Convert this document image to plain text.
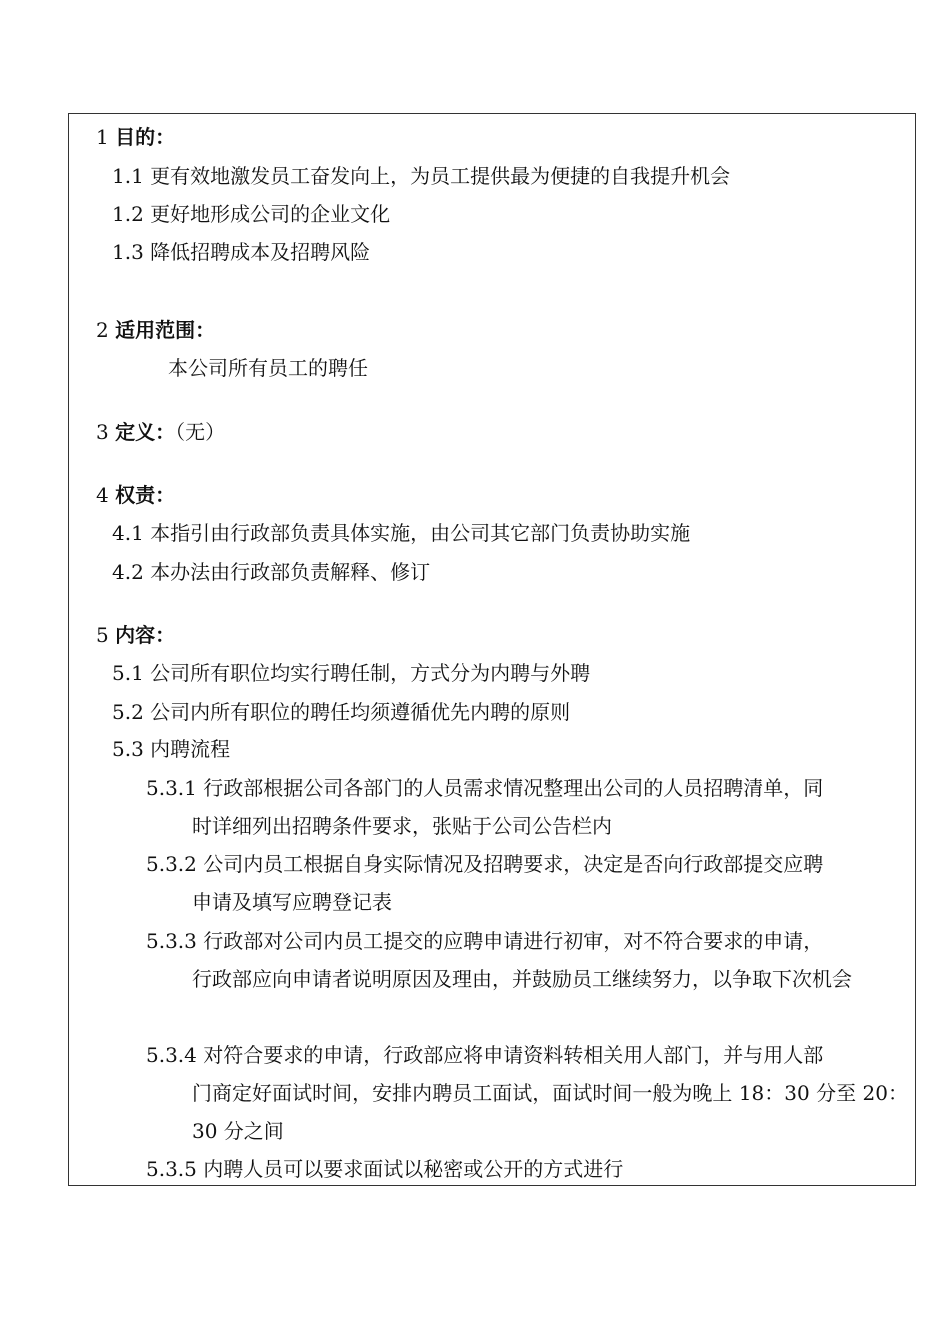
1 目的：
1.1 更有效地激发员工奋发向上，为员工提供最为便捷的自我提升机会
1.2 更好地形成公司的企业文化
1.3 降低招聘成本及招聘风险
2 适用范围：
本公司所有员工的聘任
3 定义：（无）
4 权责：
4.1 本指引由行政部负责具体实施，由公司其它部门负责协助实施
4.2 本办法由行政部负责解释、修订
5 内容：
5.1 公司所有职位均实行聘任制，方式分为内聘与外聘
5.2 公司内所有职位的聘任均须遵循优先内聘的原则
5.3 内聘流程
5.3.1 行政部根据公司各部门的人员需求情况整理出公司的人员招聘清单，同
时详细列出招聘条件要求，张贴于公司公告栏内
5.3.2 公司内员工根据自身实际情况及招聘要求，决定是否向行政部提交应聘
申请及填写应聘登记表
5.3.3 行政部对公司内员工提交的应聘申请进行初审，对不符合要求的申请，
行政部应向申请者说明原因及理由，并鼓励员工继续努力，以争取下次机会
5.3.4 对符合要求的申请，行政部应将申请资料转相关用人部门，并与用人部
门商定好面试时间，安排内聘员工面试，面试时间一般为晚上 18：30 分至 20：30 分之间
5.3.5 内聘人员可以要求面试以秘密或公开的方式进行
